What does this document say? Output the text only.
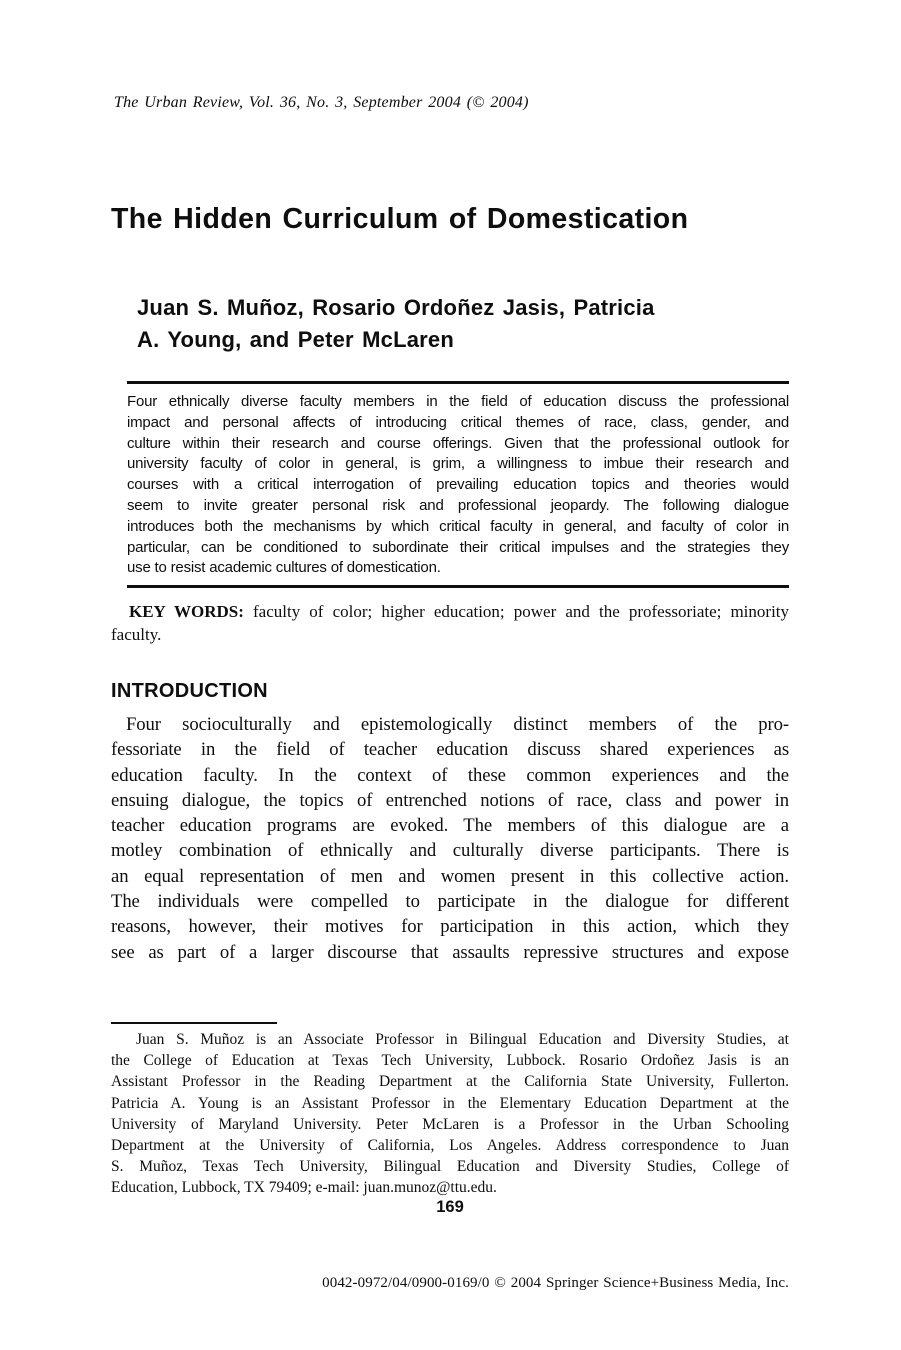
The Urban Review, Vol. 36, No. 3, September 2004 (© 2004)
The Hidden Curriculum of Domestication
Juan S. Muñoz, Rosario Ordoñez Jasis, Patricia
A. Young, and Peter McLaren
Four ethnically diverse faculty members in the field of education discuss the professional
impact and personal affects of introducing critical themes of race, class, gender, and
culture within their research and course offerings. Given that the professional outlook for
university faculty of color in general, is grim, a willingness to imbue their research and
courses with a critical interrogation of prevailing education topics and theories would
seem to invite greater personal risk and professional jeopardy. The following dialogue
introduces both the mechanisms by which critical faculty in general, and faculty of color in
particular, can be conditioned to subordinate their critical impulses and the strategies they
use to resist academic cultures of domestication.
KEY WORDS: faculty of color; higher education; power and the professoriate; minority
faculty.
INTRODUCTION
Four socioculturally and epistemologically distinct members of the pro-
fessoriate in the field of teacher education discuss shared experiences as
education faculty. In the context of these common experiences and the
ensuing dialogue, the topics of entrenched notions of race, class and power in
teacher education programs are evoked. The members of this dialogue are a
motley combination of ethnically and culturally diverse participants. There is
an equal representation of men and women present in this collective action.
The individuals were compelled to participate in the dialogue for different
reasons, however, their motives for participation in this action, which they
see as part of a larger discourse that assaults repressive structures and expose
Juan S. Muñoz is an Associate Professor in Bilingual Education and Diversity Studies, at
the College of Education at Texas Tech University, Lubbock. Rosario Ordoñez Jasis is an
Assistant Professor in the Reading Department at the California State University, Fullerton.
Patricia A. Young is an Assistant Professor in the Elementary Education Department at the
University of Maryland University. Peter McLaren is a Professor in the Urban Schooling
Department at the University of California, Los Angeles. Address correspondence to Juan
S. Muñoz, Texas Tech University, Bilingual Education and Diversity Studies, College of
Education, Lubbock, TX 79409; e-mail: juan.munoz@ttu.edu.
169
0042-0972/04/0900-0169/0 © 2004 Springer Science+Business Media, Inc.
